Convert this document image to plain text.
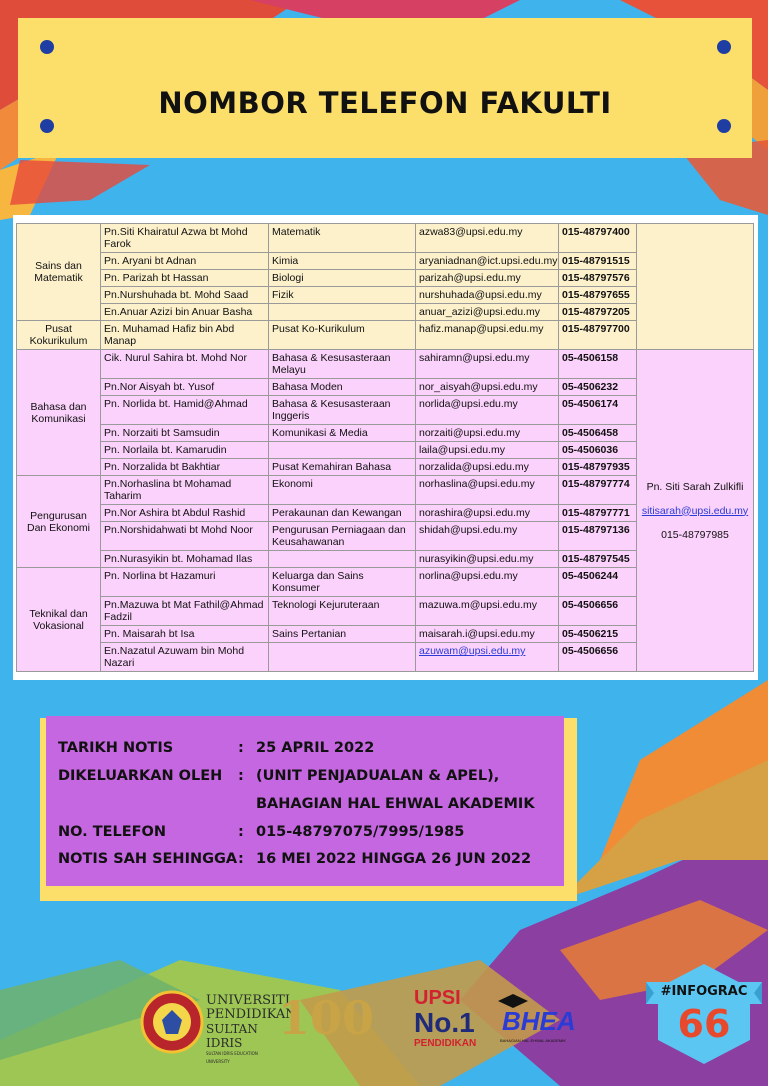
NOMBOR TELEFON FAKULTI
Sains dan Matematik	Pn.Siti Khairatul Azwa bt Mohd Farok	Matematik	azwa83@upsi.edu.my	015-48797400	
	Pn. Aryani bt Adnan	Kimia	aryaniadnan@ict.upsi.edu.my	015-48791515	
	Pn. Parizah bt Hassan	Biologi	parizah@upsi.edu.my	015-48797576	
	Pn.Nurshuhada bt. Mohd Saad	Fizik	nurshuhada@upsi.edu.my	015-48797655	
	En.Anuar Azizi bin Anuar Basha		anuar_azizi@upsi.edu.my	015-48797205	
Pusat Kokurikulum	En. Muhamad Hafiz bin Abd Manap	Pusat Ko-Kurikulum	hafiz.manap@upsi.edu.my	015-48797700	
Bahasa dan Komunikasi	Cik. Nurul Sahira bt. Mohd Nor	Bahasa & Kesusasteraan Melayu	sahiramn@upsi.edu.my	05-4506158	Pn. Siti Sarah Zulkifli
sitisarah@upsi.edu.my
015-48797985

	Pn.Nor Aisyah bt. Yusof	Bahasa Moden	nor_aisyah@upsi.edu.my	05-4506232	
	Pn. Norlida bt. Hamid@Ahmad	Bahasa & Kesusasteraan Inggeris	norlida@upsi.edu.my	05-4506174	
	Pn. Norzaiti bt Samsudin	Komunikasi & Media	norzaiti@upsi.edu.my	05-4506458	
	Pn. Norlaila bt. Kamarudin		laila@upsi.edu.my	05-4506036	
	Pn. Norzalida bt Bakhtiar	Pusat Kemahiran Bahasa	norzalida@upsi.edu.my	015-48797935	
Pengurusan Dan Ekonomi	Pn.Norhaslina bt Mohamad Taharim	Ekonomi	norhaslina@upsi.edu.my	015-48797774	
	Pn.Nor Ashira bt Abdul Rashid	Perakaunan dan Kewangan	norashira@upsi.edu.my	015-48797771	
	Pn.Norshidahwati bt Mohd Noor	Pengurusan Perniagaan dan Keusahawanan	shidah@upsi.edu.my	015-48797136	
	Pn.Nurasyikin bt. Mohamad Ilas		nurasyikin@upsi.edu.my	015-48797545	
Teknikal dan Vokasional	Pn. Norlina bt Hazamuri	Keluarga dan Sains Konsumer	norlina@upsi.edu.my	05-4506244	
	Pn.Mazuwa bt Mat Fathil@Ahmad Fadzil	Teknologi Kejuruteraan	mazuwa.m@upsi.edu.my	05-4506656	
	Pn. Maisarah bt Isa	Sains Pertanian	maisarah.i@upsi.edu.my	05-4506215	
	En.Nazatul Azuwam bin Mohd Nazari		azuwam@upsi.edu.my	05-4506656	
TARIKH NOTIS	: 25 APRIL 2022
DIKELUARKAN OLEH : (UNIT PENJADUALAN & APEL),
BAHAGIAN HAL EHWAL AKADEMIK
NO. TELEFON	: 015-48797075/7995/1985
NOTIS SAH SEHINGGA: 16 MEI 2022 HINGGA 26 JUN 2022
UNIVERSITI
PENDIDIKAN
SULTAN IDRIS
SULTAN IDRIS EDUCATION UNIVERSITY
100	UPSI
No.1
PENDIDIKAN
BHEA
BAHAGIAN HAL EHWAL AKADEMIK
#INFOGRAC
66
